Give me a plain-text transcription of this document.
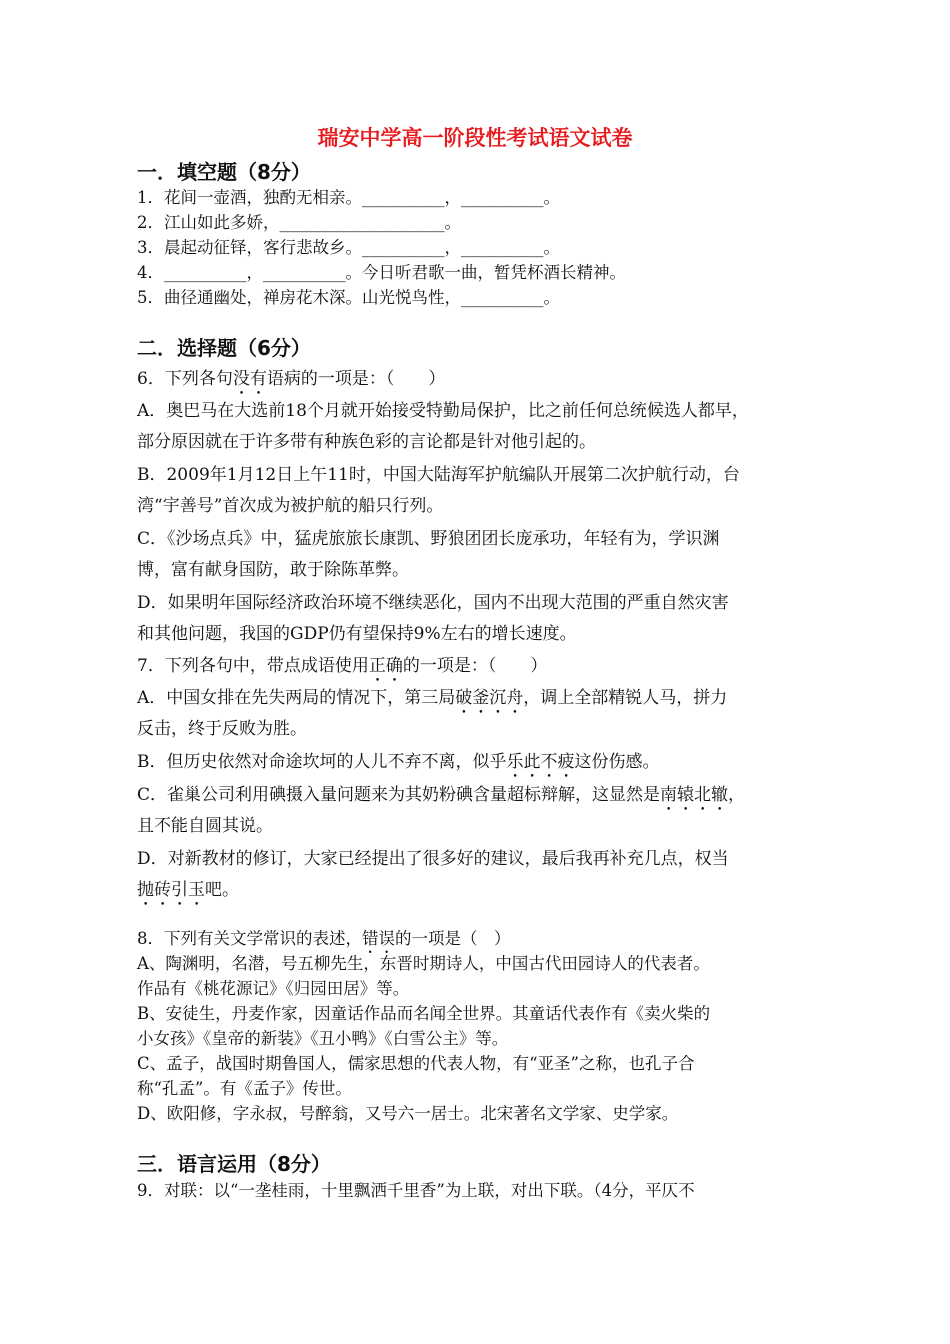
瑞安中学高一阶段性考试语文试卷
一．填空题（8分）
1．花间一壶酒，独酌无相亲。__________，__________。
2．江山如此多娇，____________________。
3．晨起动征铎，客行悲故乡。__________，__________。
4．__________，__________。今日听君歌一曲，暂凭杯酒长精神。
5．曲径通幽处，禅房花木深。山光悦鸟性，__________。
二．选择题（6分）
6．下列各句没有语病的一项是：（　　）
A．奥巴马在大选前18个月就开始接受特勤局保护，比之前任何总统候选人都早，
部分原因就在于许多带有种族色彩的言论都是针对他引起的。
B．2009年1月12日上午11时，中国大陆海军护航编队开展第二次护航行动，台
湾“宇善号”首次成为被护航的船只行列。
C．《沙场点兵》中，猛虎旅旅长康凯、野狼团团长庞承功，年轻有为，学识渊
博，富有献身国防，敢于除陈革弊。
D．如果明年国际经济政治环境不继续恶化，国内不出现大范围的严重自然灾害
和其他问题，我国的GDP仍有望保持9%左右的增长速度。
7．下列各句中，带点成语使用正确的一项是：（　　）
A．中国女排在先失两局的情况下，第三局破釜沉舟，调上全部精锐人马，拼力
反击，终于反败为胜。
B．但历史依然对命途坎坷的人儿不弃不离，似乎乐此不疲这份伤感。
C．雀巢公司利用碘摄入量问题来为其奶粉碘含量超标辩解，这显然是南辕北辙，
且不能自圆其说。
D．对新教材的修订，大家已经提出了很多好的建议，最后我再补充几点，权当
抛砖引玉吧。
8．下列有关文学常识的表述，错误的一项是（　）
A、陶渊明，名潜，号五柳先生，东晋时期诗人，中国古代田园诗人的代表者。
作品有《桃花源记》《归园田居》等。
B、安徒生，丹麦作家，因童话作品而名闻全世界。其童话代表作有《卖火柴的
小女孩》《皇帝的新装》《丑小鸭》《白雪公主》等。
C、孟子，战国时期鲁国人，儒家思想的代表人物，有“亚圣”之称，也孔子合
称“孔孟”。有《孟子》传世。
D、欧阳修，字永叔，号醉翁，又号六一居士。北宋著名文学家、史学家。
三．语言运用（8分）
9．对联：以“一垄桂雨，十里飘洒千里香”为上联，对出下联。（4分，平仄不
